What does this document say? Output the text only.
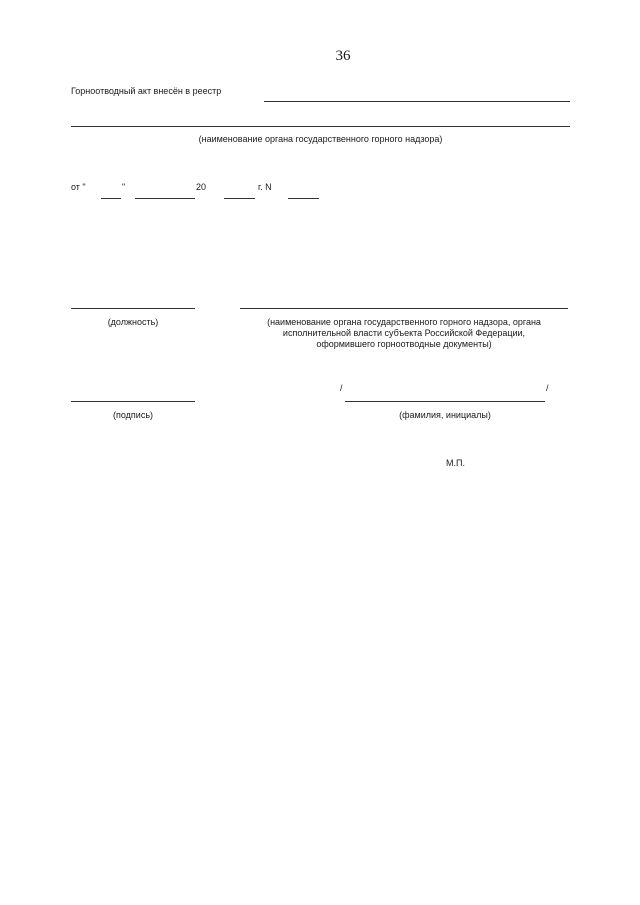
36
Горноотводный акт внесён в реестр
(наименование органа государственного горного надзора)
от "	"	20	г. N
(должность)	(наименование органа государственного горного надзора, органа
исполнительной власти субъекта Российской Федерации,
оформившего горноотводные документы)
(подпись)
/	/
(фамилия, инициалы)
М.П.
